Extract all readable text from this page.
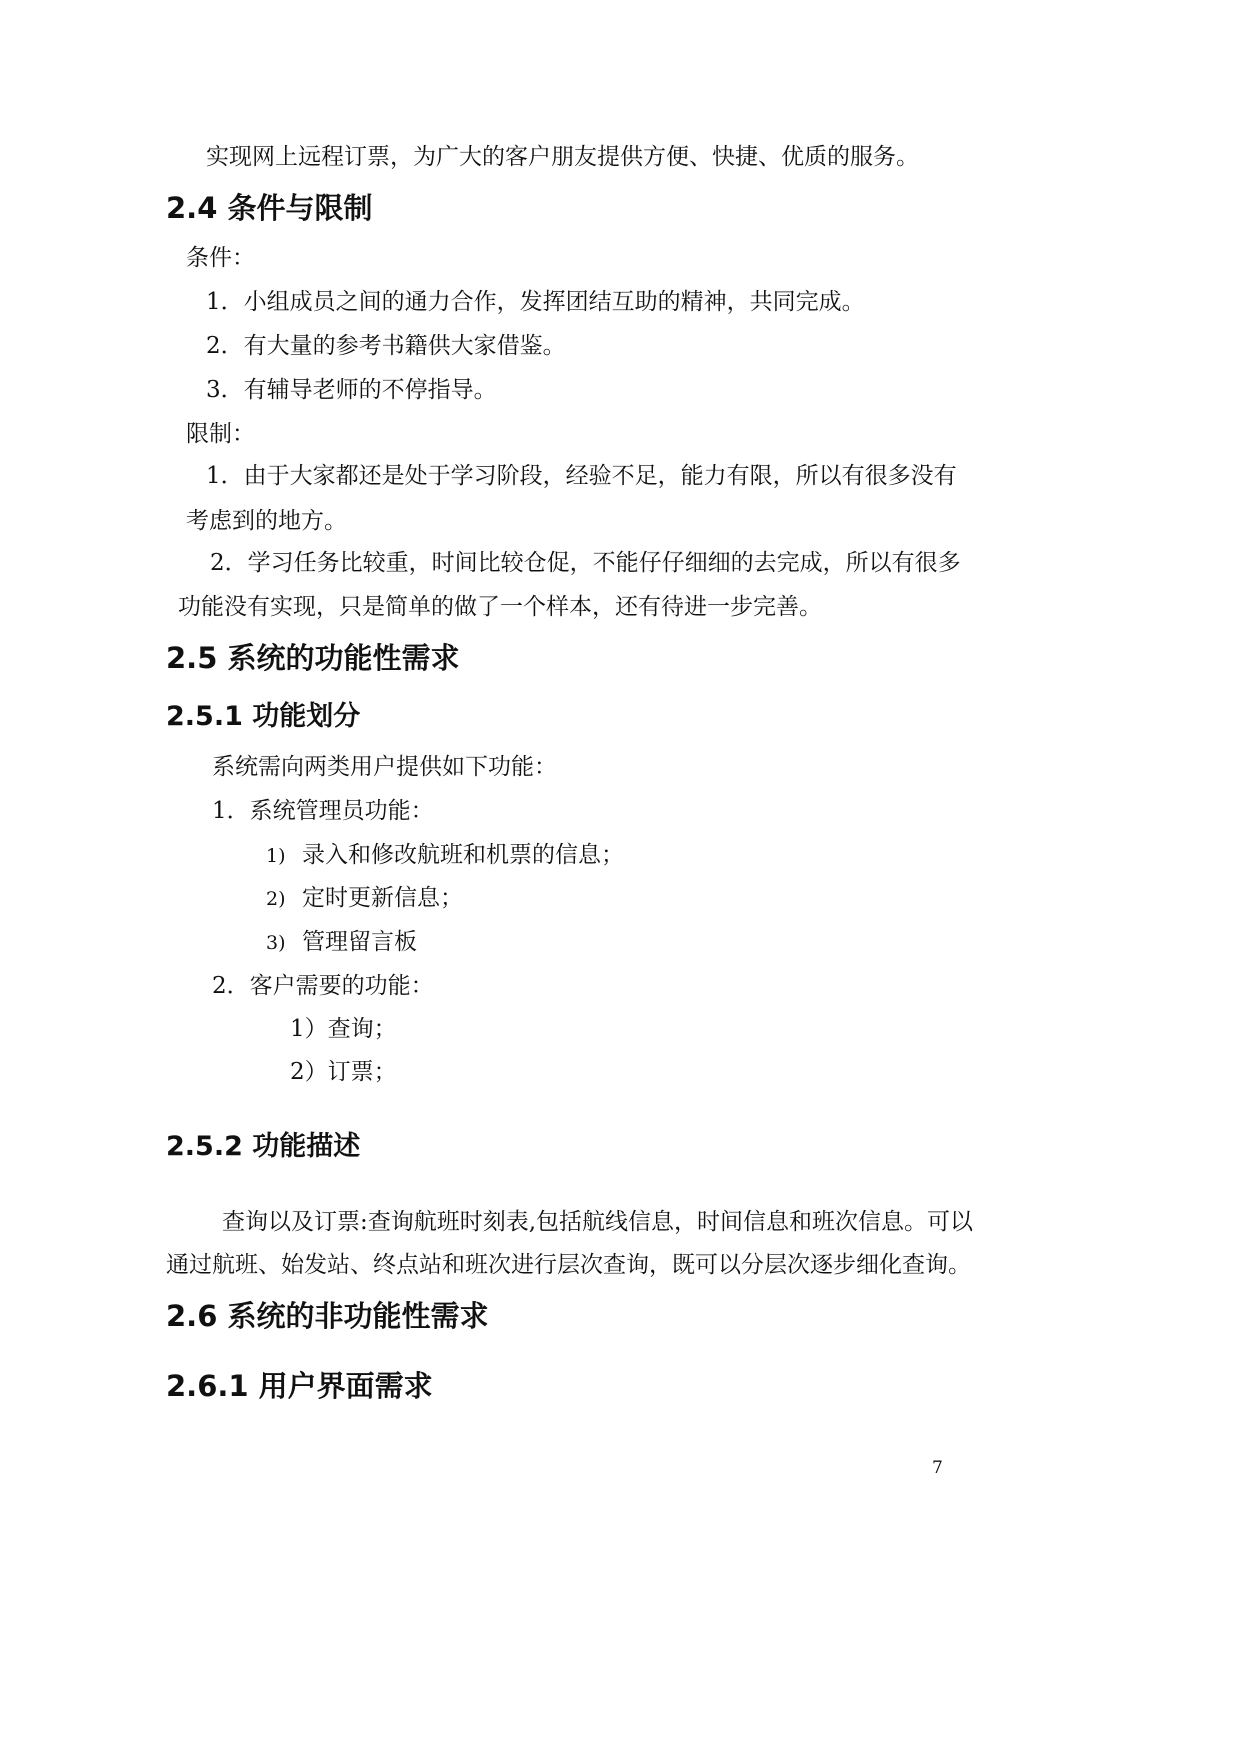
实现网上远程订票，为广大的客户朋友提供方便、快捷、优质的服务。
2.4 条件与限制
条件：
1．小组成员之间的通力合作，发挥团结互助的精神，共同完成。
2．有大量的参考书籍供大家借鉴。
3．有辅导老师的不停指导。
限制：
1．由于大家都还是处于学习阶段，经验不足，能力有限，所以有很多没有
考虑到的地方。
2．学习任务比较重，时间比较仓促，不能仔仔细细的去完成，所以有很多
功能没有实现，只是简单的做了一个样本，还有待进一步完善。
2.5 系统的功能性需求
2.5.1 功能划分
系统需向两类用户提供如下功能：
1．系统管理员功能：
1) 录入和修改航班和机票的信息；
2) 定时更新信息；
3) 管理留言板
2．客户需要的功能：
1）查询；
2）订票；
2.5.2 功能描述
查询以及订票:查询航班时刻表,包括航线信息，时间信息和班次信息。可以
通过航班、始发站、终点站和班次进行层次查询，既可以分层次逐步细化查询。
2.6 系统的非功能性需求
2.6.1 用户界面需求
7
